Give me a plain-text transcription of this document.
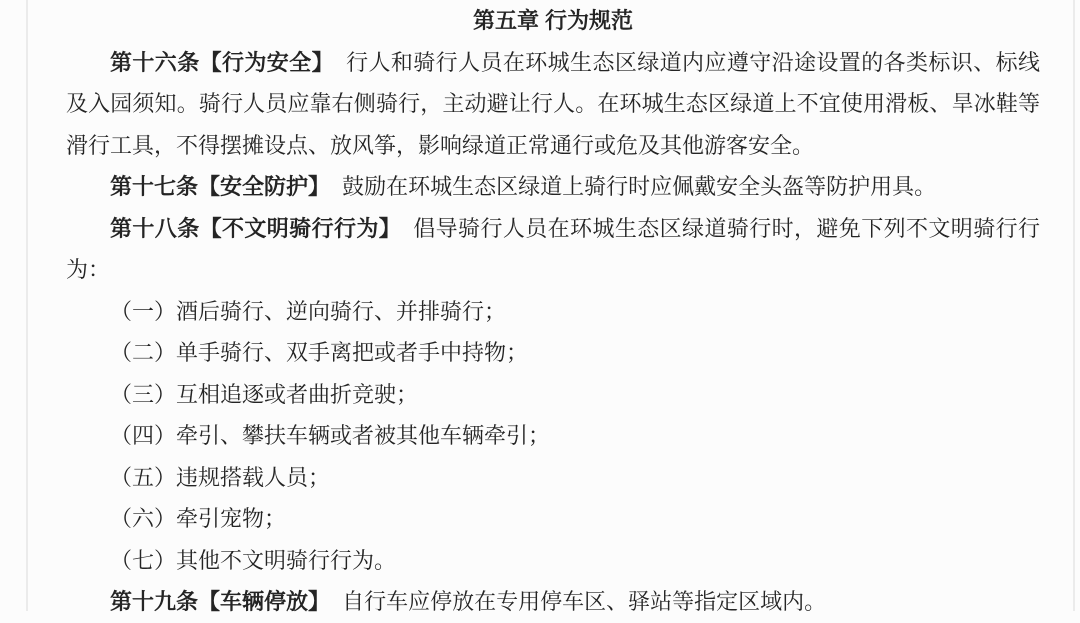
第五章 行为规范

第十六条【行为安全】 行人和骑行人员在环城生态区绿道内应遵守沿途设置的各类标识、标线及入园须知。骑行人员应靠右侧骑行，主动避让行人。在环城生态区绿道上不宜使用滑板、旱冰鞋等滑行工具，不得摆摊设点、放风筝，影响绿道正常通行或危及其他游客安全。

第十七条【安全防护】 鼓励在环城生态区绿道上骑行时应佩戴安全头盔等防护用具。

第十八条【不文明骑行行为】 倡导骑行人员在环城生态区绿道骑行时，避免下列不文明骑行行为：

（一）酒后骑行、逆向骑行、并排骑行；

（二）单手骑行、双手离把或者手中持物；

（三）互相追逐或者曲折竞驶；

（四）牵引、攀扶车辆或者被其他车辆牵引；

（五）违规搭载人员；

（六）牵引宠物；

（七）其他不文明骑行行为。

第十九条【车辆停放】 自行车应停放在专用停车区、驿站等指定区域内。
